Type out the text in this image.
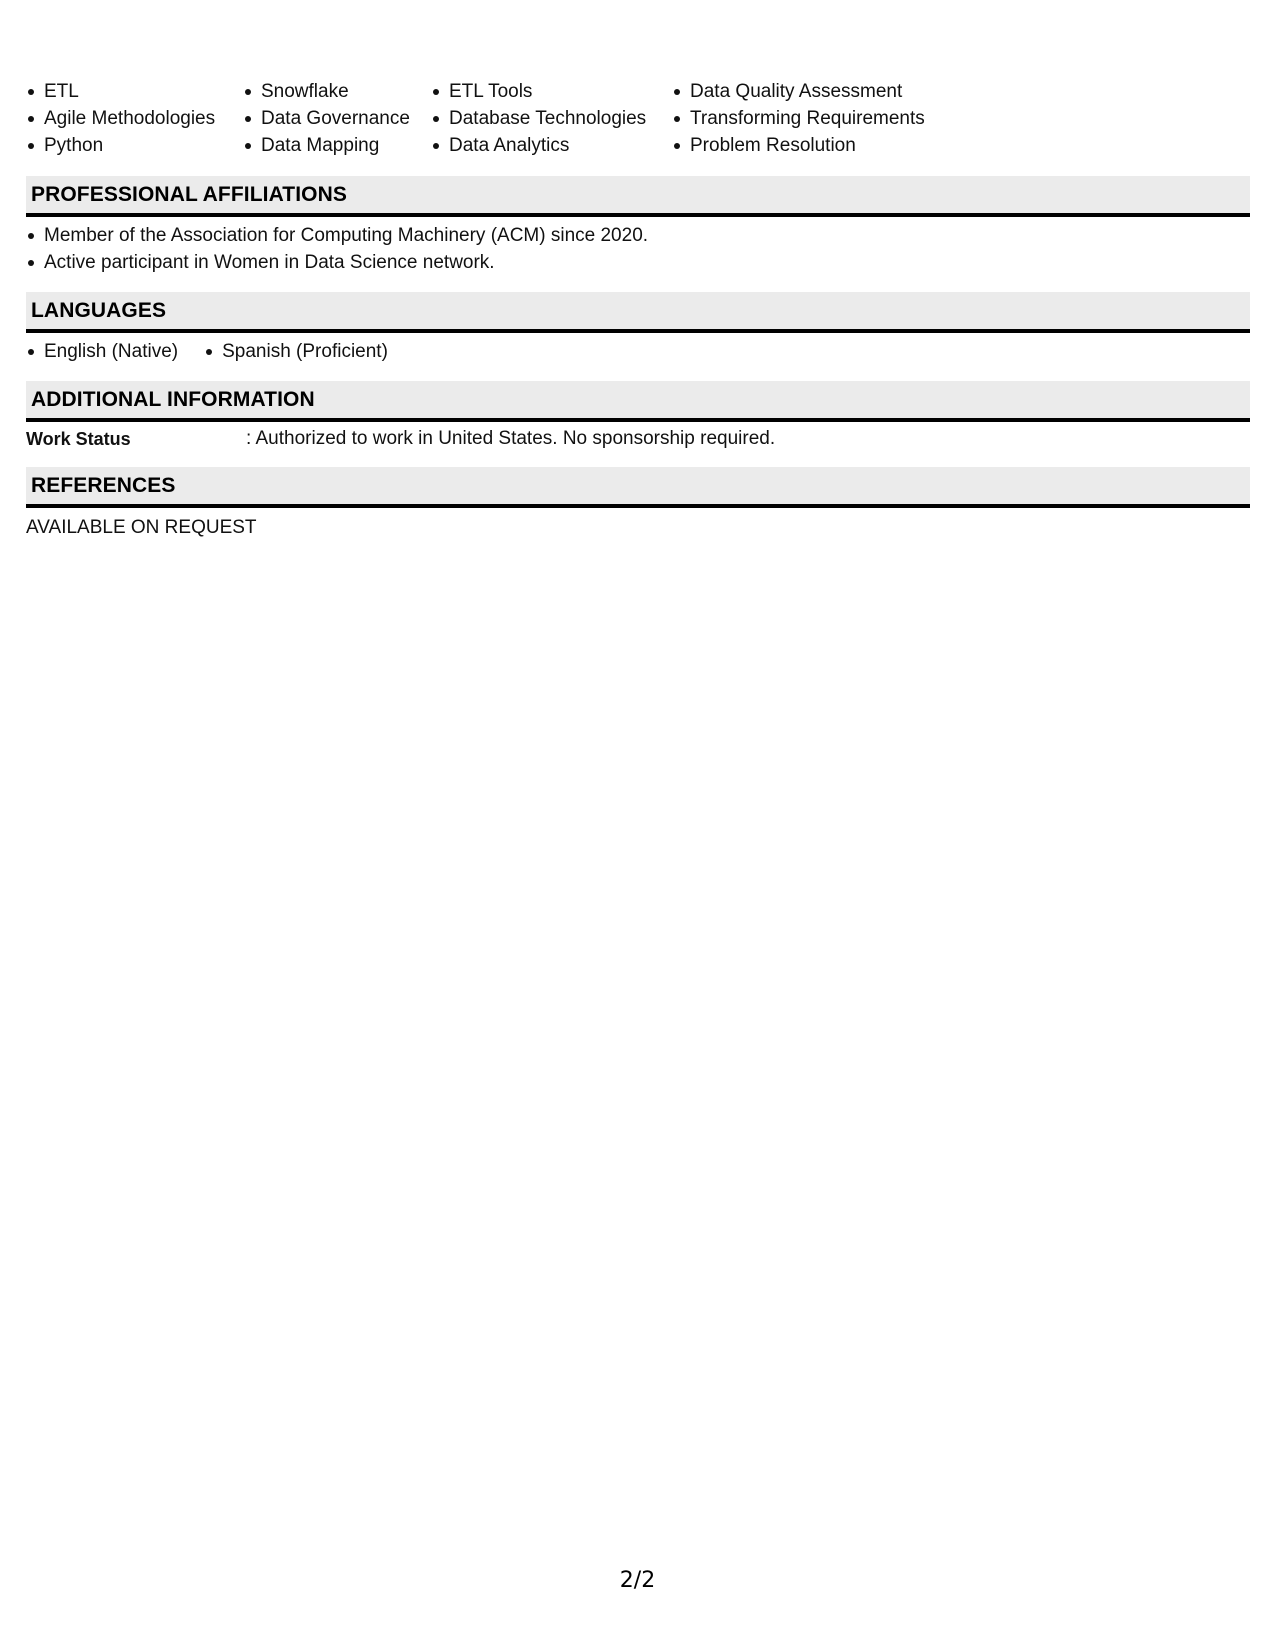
ETL
Agile Methodologies
Python
Snowflake
Data Governance
Data Mapping
ETL Tools
Database Technologies
Data Analytics
Data Quality Assessment
Transforming Requirements
Problem Resolution
PROFESSIONAL AFFILIATIONS
Member of the Association for Computing Machinery (ACM) since 2020.
Active participant in Women in Data Science network.
LANGUAGES
English (Native) Spanish (Proficient)
ADDITIONAL INFORMATION
Work Status	: Authorized to work in United States. No sponsorship required.
REFERENCES
AVAILABLE ON REQUEST
2/2
